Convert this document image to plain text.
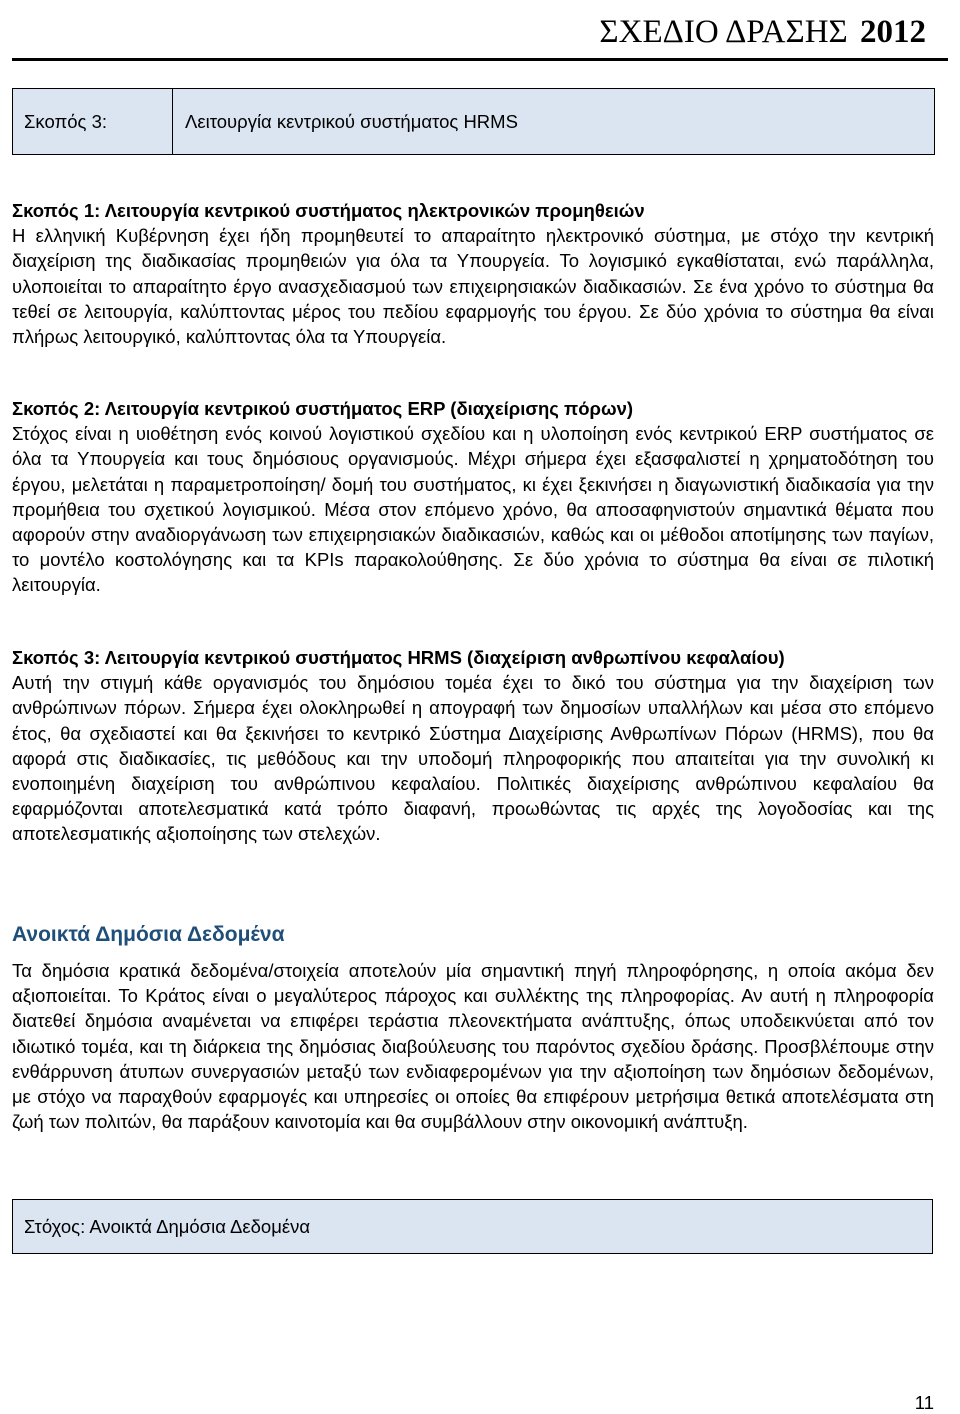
ΣΧΕΔΙΟ ΔΡΑΣΗΣ 2012
Σκοπός 3:	Λειτουργία κεντρικού συστήματος HRMS
Σκοπός 1: Λειτουργία κεντρικού συστήματος ηλεκτρονικών προμηθειών

Η ελληνική Κυβέρνηση έχει ήδη προμηθευτεί το απαραίτητο ηλεκτρονικό σύστημα, με στόχο την κεντρική διαχείριση της διαδικασίας προμηθειών για όλα τα Υπουργεία. Το λογισμικό εγκαθίσταται, ενώ παράλληλα, υλοποιείται το απαραίτητο έργο ανασχεδιασμού των επιχειρησιακών διαδικασιών. Σε ένα χρόνο το σύστημα θα τεθεί σε λειτουργία, καλύπτοντας μέρος του πεδίου εφαρμογής του έργου. Σε δύο χρόνια το σύστημα θα είναι πλήρως λειτουργικό, καλύπτοντας όλα τα Υπουργεία.

Σκοπός 2: Λειτουργία κεντρικού συστήματος ERP (διαχείρισης πόρων)

Στόχος είναι η υιοθέτηση ενός κοινού λογιστικού σχεδίου και η υλοποίηση ενός κεντρικού ERP συστήματος σε όλα τα Υπουργεία και τους δημόσιους οργανισμούς. Μέχρι σήμερα έχει εξασφαλιστεί η χρηματοδότηση του έργου, μελετάται η παραμετροποίηση/ δομή του συστήματος, κι έχει ξεκινήσει η διαγωνιστική διαδικασία για την προμήθεια του σχετικού λογισμικού. Μέσα στον επόμενο χρόνο, θα αποσαφηνιστούν σημαντικά θέματα που αφορούν στην αναδιοργάνωση των επιχειρησιακών διαδικασιών, καθώς και οι μέθοδοι αποτίμησης των παγίων, το μοντέλο κοστολόγησης και τα KPIs παρακολούθησης. Σε δύο χρόνια το σύστημα θα είναι σε πιλοτική λειτουργία.

Σκοπός 3: Λειτουργία κεντρικού συστήματος HRMS (διαχείριση ανθρωπίνου κεφαλαίου)

Αυτή την στιγμή κάθε οργανισμός του δημόσιου τομέα έχει το δικό του σύστημα για την διαχείριση των ανθρώπινων πόρων. Σήμερα έχει ολοκληρωθεί η απογραφή των δημοσίων υπαλλήλων και μέσα στο επόμενο έτος, θα σχεδιαστεί και θα ξεκινήσει το κεντρικό Σύστημα Διαχείρισης Ανθρωπίνων Πόρων (HRMS), που θα αφορά στις διαδικασίες, τις μεθόδους και την υποδομή πληροφορικής που απαιτείται για την συνολική κι ενοποιημένη διαχείριση του ανθρώπινου κεφαλαίου. Πολιτικές διαχείρισης ανθρώπινου κεφαλαίου θα εφαρμόζονται αποτελεσματικά κατά τρόπο διαφανή, προωθώντας τις αρχές της λογοδοσίας και της αποτελεσματικής αξιοποίησης των στελεχών.

Ανοικτά Δημόσια Δεδομένα

Τα δημόσια κρατικά δεδομένα/στοιχεία αποτελούν μία σημαντική πηγή πληροφόρησης, η οποία ακόμα δεν αξιοποιείται. Το Κράτος είναι ο μεγαλύτερος πάροχος και συλλέκτης της πληροφορίας. Αν αυτή η πληροφορία διατεθεί δημόσια αναμένεται να επιφέρει τεράστια πλεονεκτήματα ανάπτυξης, όπως υποδεικνύεται από τον ιδιωτικό τομέα, και τη διάρκεια της δημόσιας διαβούλευσης του παρόντος σχεδίου δράσης. Προσβλέπουμε στην ενθάρρυνση άτυπων συνεργασιών μεταξύ των ενδιαφερομένων για την αξιοποίηση των δημόσιων δεδομένων, με στόχο να παραχθούν εφαρμογές και υπηρεσίες οι οποίες θα επιφέρουν μετρήσιμα θετικά αποτελέσματα στη ζωή των πολιτών, θα παράξουν καινοτομία και θα συμβάλλουν στην οικονομική ανάπτυξη.

Στόχος: Ανοικτά Δημόσια Δεδομένα
11
